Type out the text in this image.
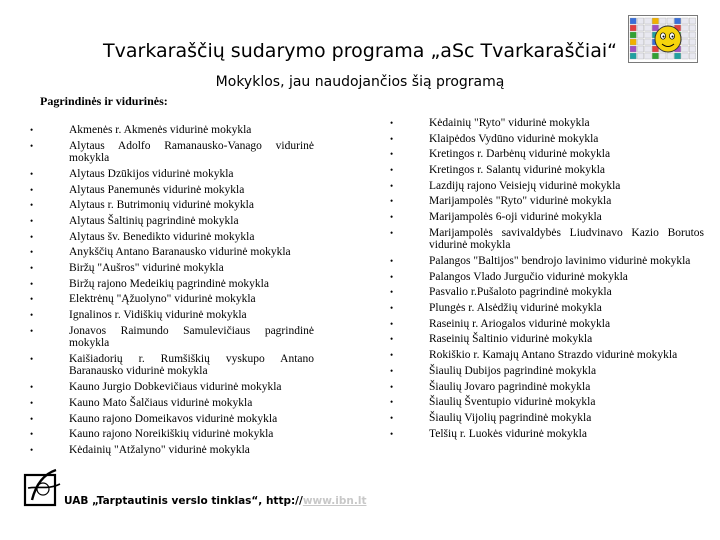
Tvarkaraščių sudarymo programa „aSc Tvarkaraščiai“
Mokyklos, jau naudojančios šią programą
Pagrindinės ir vidurinės:
•	Akmenės r. Akmenės vidurinė mokykla
•	Alytaus Adolfo Ramanausko-Vanago vidurinė mokykla
•	Alytaus Dzūkijos vidurinė mokykla
•	Alytaus Panemunės vidurinė mokykla
•	Alytaus r. Butrimonių vidurinė mokykla
•	Alytaus Šaltinių pagrindinė mokykla
•	Alytaus šv. Benedikto vidurinė mokykla
•	Anykščių Antano Baranausko vidurinė mokykla
•	Biržų "Aušros" vidurinė mokykla
•	Biržų rajono Medeikių pagrindinė mokykla
•	Elektrėnų "Ąžuolyno" vidurinė mokykla
•	Ignalinos r. Vidiškių vidurinė mokykla
•	Jonavos Raimundo Samulevičiaus pagrindinė mokykla
•	Kaišiadorių r. Rumšiškių vyskupo Antano Baranausko vidurinė mokykla
•	Kauno Jurgio Dobkevičiaus vidurinė mokykla
•	Kauno Mato Šalčiaus vidurinė mokykla
•	Kauno rajono Domeikavos vidurinė mokykla
•	Kauno rajono Noreikiškių vidurinė mokykla
•	Kėdainių "Atžalyno" vidurinė mokykla
•	Kėdainių "Ryto" vidurinė mokykla
•	Klaipėdos Vydūno vidurinė mokykla
•	Kretingos r. Darbėnų vidurinė mokykla
•	Kretingos r. Salantų vidurinė mokykla
•	Lazdijų rajono Veisiejų vidurinė mokykla
•	Marijampolės "Ryto" vidurinė mokykla
•	Marijampolės 6-oji vidurinė mokykla
•	Marijampolės savivaldybės Liudvinavo Kazio Borutos vidurinė mokykla
•	Palangos "Baltijos" bendrojo lavinimo vidurinė mokykla
•	Palangos Vlado Jurgučio vidurinė mokykla
•	Pasvalio r.Pušaloto pagrindinė mokykla
•	Plungės r. Alsėdžių vidurinė mokykla
•	Raseinių r. Ariogalos vidurinė mokykla
•	Raseinių Šaltinio vidurinė mokykla
•	Rokiškio r. Kamajų Antano Strazdo vidurinė mokykla
•	Šiaulių Dubijos pagrindinė mokykla
•	Šiaulių Jovaro pagrindinė mokykla
•	Šiaulių Šventupio vidurinė mokykla
•	Šiaulių Vijolių pagrindinė mokykla
•	Telšių r. Luokės vidurinė mokykla
UAB „Tarptautinis verslo tinklas“, http://www.ibn.lt
